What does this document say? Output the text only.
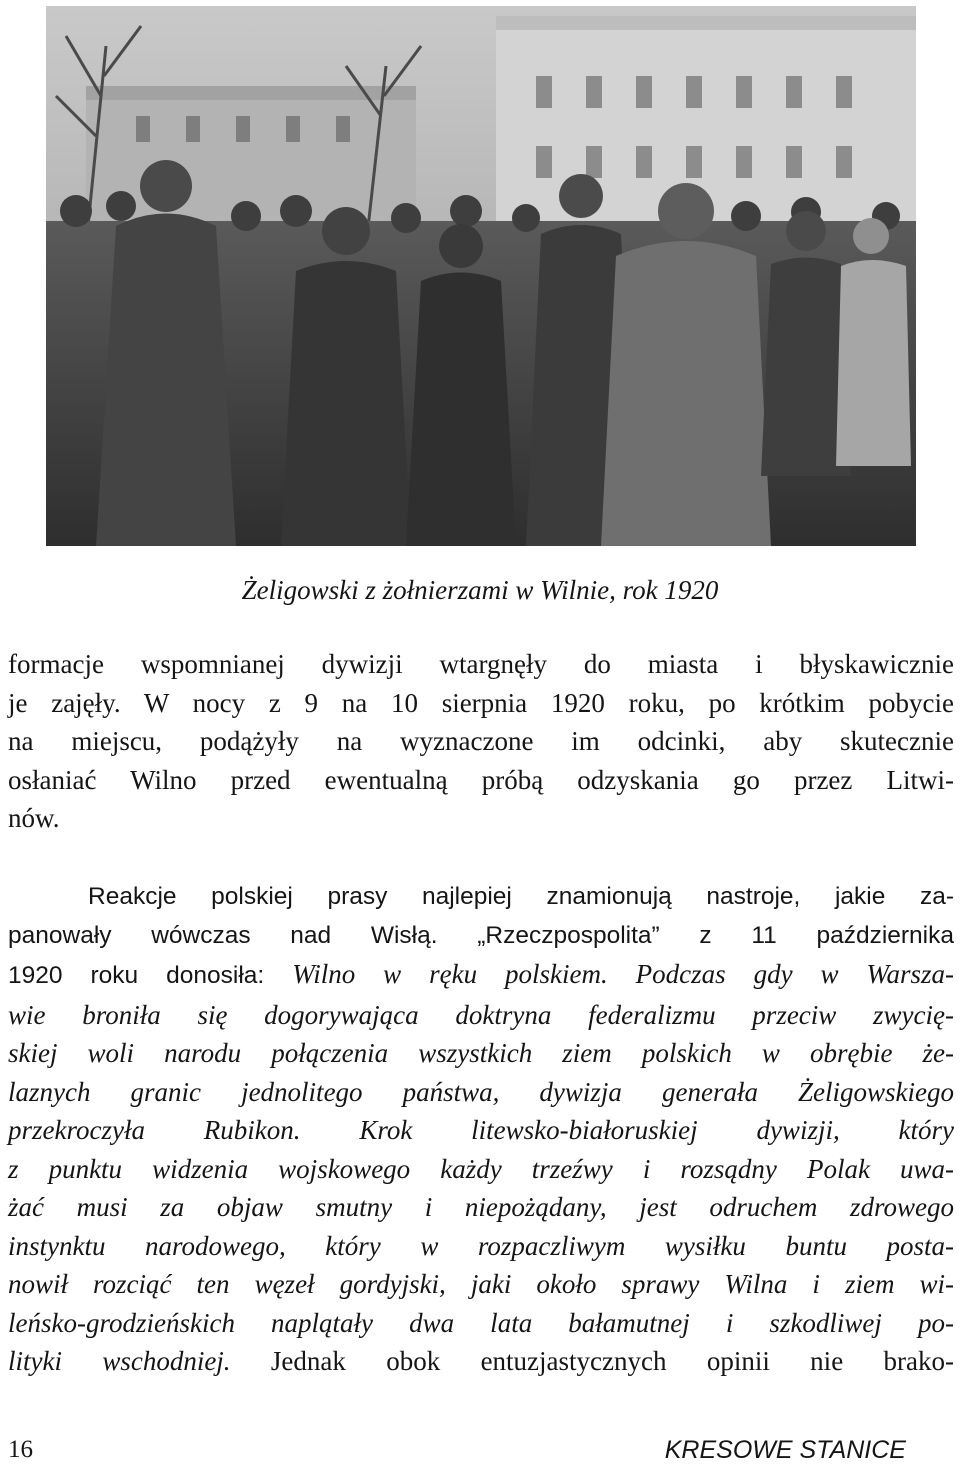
Żeligowski z żołnierzami w Wilnie, rok 1920
formacje wspomnianej dywizji wtargnęły do miasta i błyskawicznie
je zajęły. W nocy z 9 na 10 sierpnia 1920 roku, po krótkim pobycie
na miejscu, podążyły na wyznaczone im odcinki, aby skutecznie
osłaniać Wilno przed ewentualną próbą odzyskania go przez Litwi-
nów.
Reakcje polskiej prasy najlepiej znamionują nastroje, jakie za-
panowały wówczas nad Wisłą. „Rzeczpospolita” z 11 października
1920 roku donosiła: Wilno w ręku polskiem. Podczas gdy w Warsza-
wie broniła się dogorywająca doktryna federalizmu przeciw zwycię-
skiej woli narodu połączenia wszystkich ziem polskich w obrębie że-
laznych granic jednolitego państwa, dywizja generała Żeligowskiego
przekroczyła Rubikon. Krok litewsko-białoruskiej dywizji, który
z punktu widzenia wojskowego każdy trzeźwy i rozsądny Polak uwa-
żać musi za objaw smutny i niepożądany, jest odruchem zdrowego
instynktu narodowego, który w rozpaczliwym wysiłku buntu posta-
nowił rozciąć ten węzeł gordyjski, jaki około sprawy Wilna i ziem wi-
leńsko-grodzieńskich naplątały dwa lata bałamutnej i szkodliwej po-
lityki wschodniej. Jednak obok entuzjastycznych opinii nie brako-
16	KRESOWE STANICE
